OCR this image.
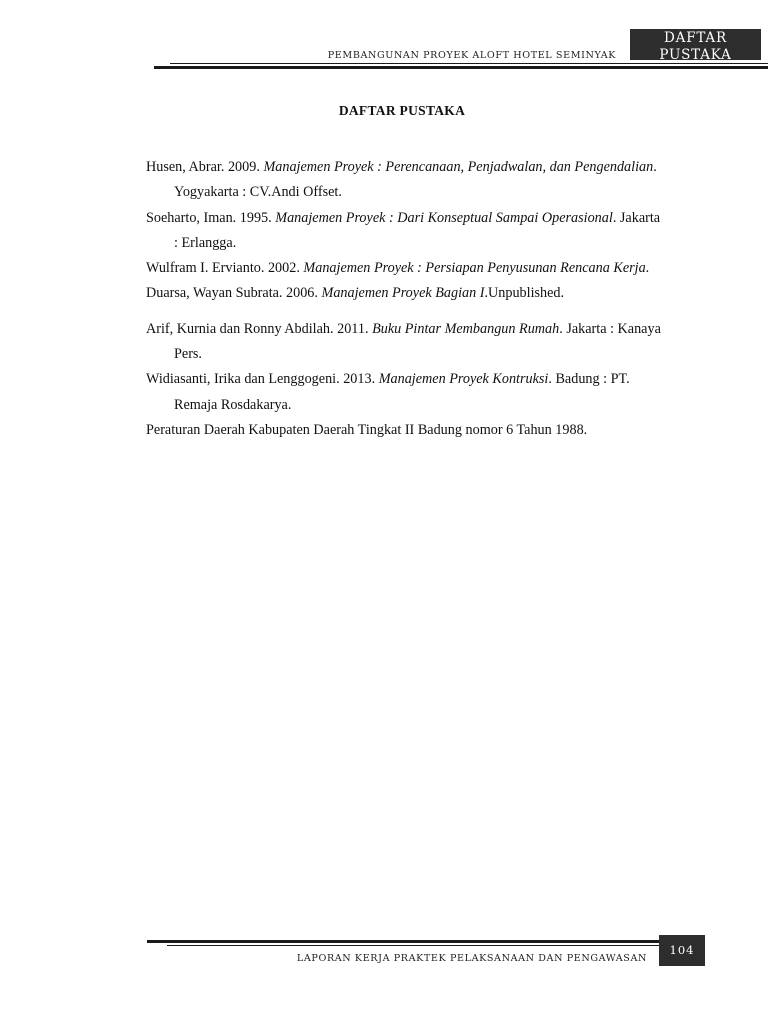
PEMBANGUNAN PROYEK ALOFT HOTEL SEMINYAK
DAFTAR
PUSTAKA
DAFTAR PUSTAKA

Husen, Abrar. 2009. Manajemen Proyek : Perencanaan, Penjadwalan, dan Pengendalian. Yogyakarta : CV.Andi Offset.

Soeharto, Iman. 1995. Manajemen Proyek : Dari Konseptual Sampai Operasional. Jakarta : Erlangga.

Wulfram I. Ervianto. 2002. Manajemen Proyek : Persiapan Penyusunan Rencana Kerja.

Duarsa, Wayan Subrata. 2006. Manajemen Proyek Bagian I.Unpublished.

Arif, Kurnia dan Ronny Abdilah. 2011. Buku Pintar Membangun Rumah. Jakarta : Kanaya Pers.

Widiasanti, Irika dan Lenggogeni. 2013. Manajemen Proyek Kontruksi. Badung : PT.

Remaja Rosdakarya.

Peraturan Daerah Kabupaten Daerah Tingkat II Badung nomor 6 Tahun 1988.

LAPORAN KERJA PRAKTEK PELAKSANAAN DAN PENGAWASAN
104
